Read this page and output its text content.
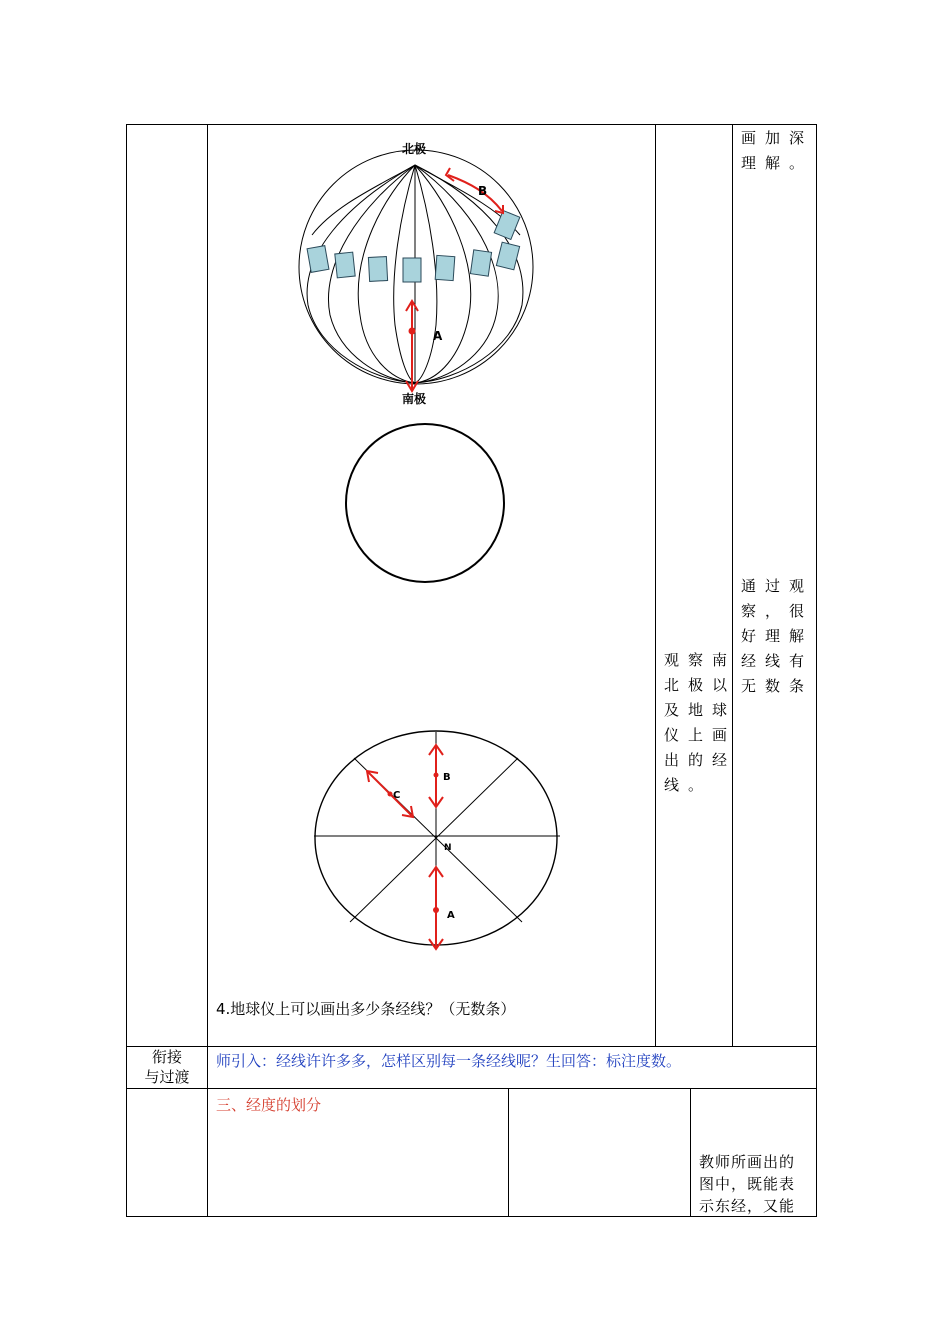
北极
南极
A
B
B
A
C
N
4.地球仪上可以画出多少条经线？（无数条）
观察南
北极以
及地球
仪上画
出的经
线。
画加深
理解。
通过观
察，很
好理解
经线有
无数条
衔接
与过渡
师引入：经线许许多多，怎样区别每一条经线呢？生回答：标注度数。
三、经度的划分
教师所画出的
图中，既能表
示东经，又能
